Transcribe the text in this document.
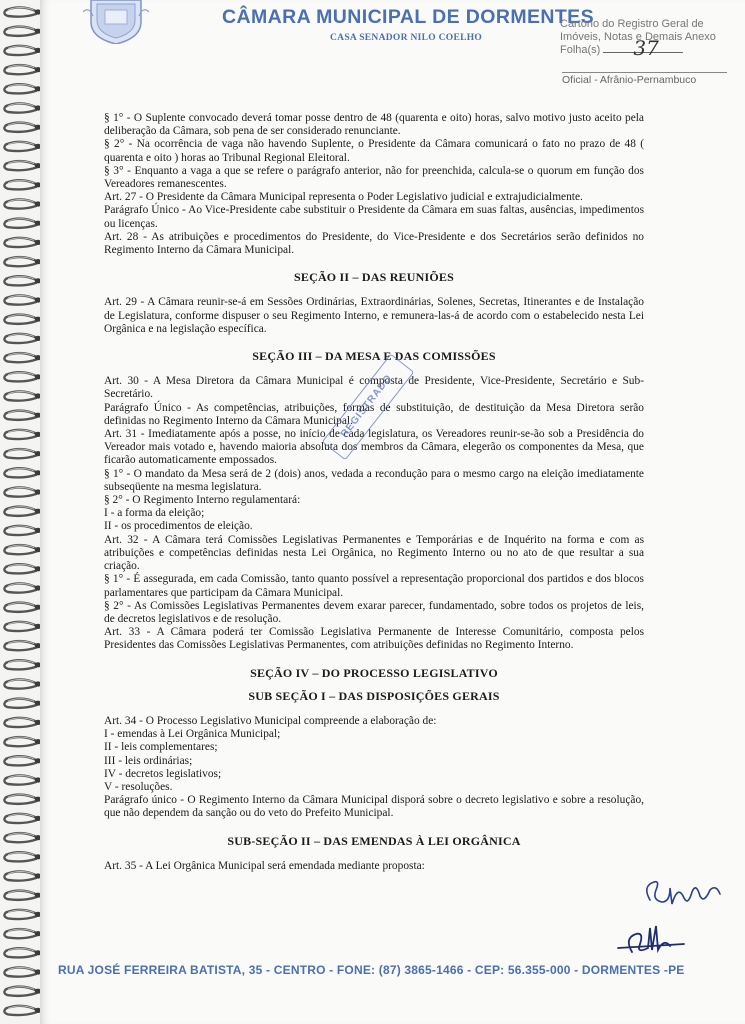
CÂMARA MUNICIPAL DE DORMENTES
CASA SENADOR NILO COELHO
Cartório do Registro Geral de
Imóveis, Notas e Demais Anexo
Folha(s) 37
Oficial - Afrânio-Pernambuco

§ 1° - O Suplente convocado deverá tomar posse dentro de 48 (quarenta e oito) horas, salvo motivo justo aceito pela deliberação da Câmara, sob pena de ser considerado renunciante.

§ 2° - Na ocorrência de vaga não havendo Suplente, o Presidente da Câmara comunicará o fato no prazo de 48 ( quarenta e oito ) horas ao Tribunal Regional Eleitoral.

§ 3° - Enquanto a vaga a que se refere o parágrafo anterior, não for preenchida, calcula-se o quorum em função dos Vereadores remanescentes.

Art. 27 - O Presidente da Câmara Municipal representa o Poder Legislativo judicial e extrajudicialmente.

Parágrafo Único - Ao Vice-Presidente cabe substituir o Presidente da Câmara em suas faltas, ausências, impedimentos ou licenças.

Art. 28 - As atribuições e procedimentos do Presidente, do Vice-Presidente e dos Secretários serão definidos no Regimento Interno da Câmara Municipal.

SEÇÃO II – DAS REUNIÕES

Art. 29 - A Câmara reunir-se-á em Sessões Ordinárias, Extraordinárias, Solenes, Secretas, Itinerantes e de Instalação de Legislatura, conforme dispuser o seu Regimento Interno, e remunera-las-á de acordo com o estabelecido nesta Lei Orgânica e na legislação específica.

SEÇÃO III – DA MESA E DAS COMISSÕES

Art. 30 - A Mesa Diretora da Câmara Municipal é composta de Presidente, Vice-Presidente, Secretário e Sub-Secretário.

Parágrafo Único - As competências, atribuições, formas de substituição, de destituição da Mesa Diretora serão definidas no Regimento Interno da Câmara Municipal.

Art. 31 - Imediatamente após a posse, no início de cada legislatura, os Vereadores reunir-se-ão sob a Presidência do Vereador mais votado e, havendo maioria absoluta dos membros da Câmara, elegerão os componentes da Mesa, que ficarão automaticamente empossados.

§ 1° - O mandato da Mesa será de 2 (dois) anos, vedada a recondução para o mesmo cargo na eleição imediatamente subseqüente na mesma legislatura.

§ 2° - O Regimento Interno regulamentará:

I - a forma da eleição;

II - os procedimentos de eleição.

Art. 32 - A Câmara terá Comissões Legislativas Permanentes e Temporárias e de Inquérito na forma e com as atribuições e competências definidas nesta Lei Orgânica, no Regimento Interno ou no ato de que resultar a sua criação.

§ 1° - É assegurada, em cada Comissão, tanto quanto possível a representação proporcional dos partidos e dos blocos parlamentares que participam da Câmara Municipal.

§ 2° - As Comissões Legislativas Permanentes devem exarar parecer, fundamentado, sobre todos os projetos de leis, de decretos legislativos e de resolução.

Art. 33 - A Câmara poderá ter Comissão Legislativa Permanente de Interesse Comunitário, composta pelos Presidentes das Comissões Legislativas Permanentes, com atribuições definidas no Regimento Interno.

SEÇÃO IV – DO PROCESSO LEGISLATIVO
SUB SEÇÃO I – DAS DISPOSIÇÕES GERAIS

Art. 34 - O Processo Legislativo Municipal compreende a elaboração de:

I - emendas à Lei Orgânica Municipal;

II - leis complementares;

III - leis ordinárias;

IV - decretos legislativos;

V - resoluções.

Parágrafo único - O Regimento Interno da Câmara Municipal disporá sobre o decreto legislativo e sobre a resolução, que não dependem da sanção ou do veto do Prefeito Municipal.

SUB-SEÇÃO II – DAS EMENDAS À LEI ORGÂNICA

Art. 35 - A Lei Orgânica Municipal será emendada mediante proposta:

REGISTRADO
RUA JOSÉ FERREIRA BATISTA, 35 - CENTRO - FONE: (87) 3865-1466 - CEP: 56.355-000 - DORMENTES -PE
